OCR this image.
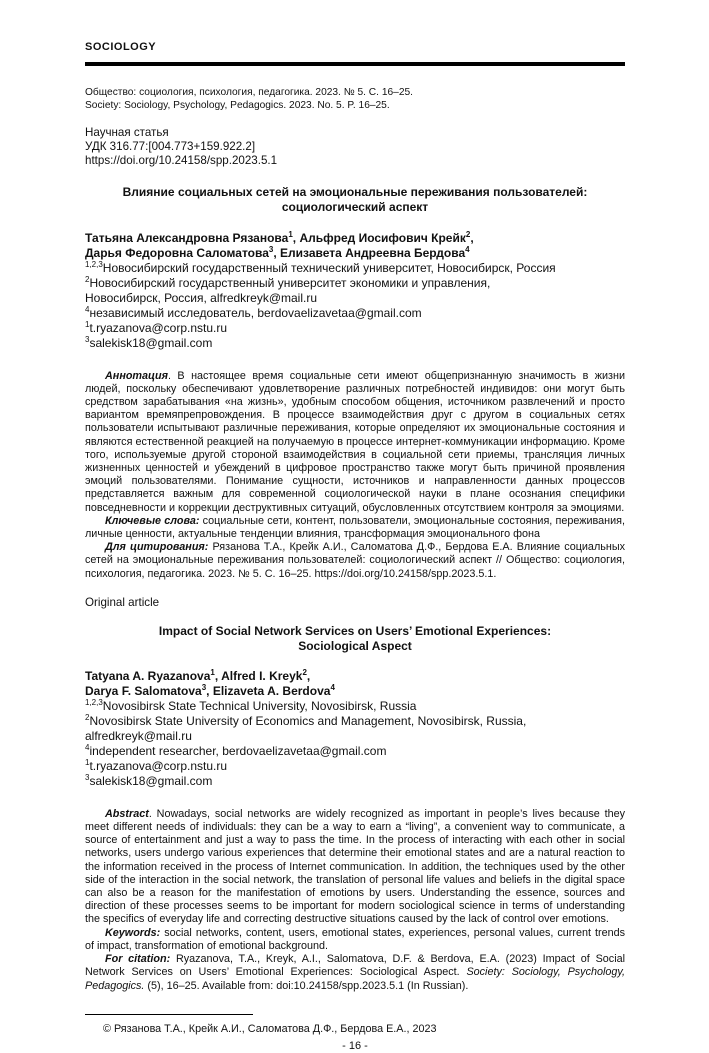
SOCIOLOGY

Общество: социология, психология, педагогика. 2023. № 5. С. 16–25.

Society: Sociology, Psychology, Pedagogics. 2023. No. 5. P. 16–25.

Научная статья

УДК 316.77:[004.773+159.922.2]

https://doi.org/10.24158/spp.2023.5.1

Влияние социальных сетей на эмоциональные переживания пользователей:

социологический аспект

Татьяна Александровна Рязанова$^1$, Альфред Иосифович Крейк$^2$,

Дарья Федоровна Саломатова$^3$, Елизавета Андреевна Бердова$^4$

$^{1,2,3}$Новосибирский государственный технический университет, Новосибирск, Россия

$^2$Новосибирский государственный университет экономики и управления,

Новосибирск, Россия, alfredkreyk@mail.ru

$^4$независимый исследователь, berdovaelizavetaa@gmail.com

$^1$t.ryazanova@corp.nstu.ru

$^3$salekisk18@gmail.com

Аннотация. В настоящее время социальные сети имеют общепризнанную значимость в жизни людей, поскольку обеспечивают удовлетворение различных потребностей индивидов: они могут быть средством зарабатывания «на жизнь», удобным способом общения, источником развлечений и просто вариантом времяпрепровождения. В процессе взаимодействия друг с другом в социальных сетях пользователи испытывают различные переживания, которые определяют их эмоциональные состояния и являются естественной реакцией на получаемую в процессе интернет-коммуникации информацию. Кроме того, используемые другой стороной взаимодействия в социальной сети приемы, трансляция личных жизненных ценностей и убеждений в цифровое пространство также могут быть причиной проявления эмоций пользователями. Понимание сущности, источников и направленности данных процессов представляется важным для современной социологической науки в плане осознания специфики повседневности и коррекции деструктивных ситуаций, обусловленных отсутствием контроля за эмоциями.

Ключевые слова: социальные сети, контент, пользователи, эмоциональные состояния, переживания, личные ценности, актуальные тенденции влияния, трансформация эмоционального фона

Для цитирования: Рязанова Т.А., Крейк А.И., Саломатова Д.Ф., Бердова Е.А. Влияние социальных сетей на эмоциональные переживания пользователей: социологический аспект // Общество: социология, психология, педагогика. 2023. № 5. С. 16–25. https://doi.org/10.24158/spp.2023.5.1.

Original article

Impact of Social Network Services on Users’ Emotional Experiences:

Sociological Aspect

Tatyana A. Ryazanova$^1$, Alfred I. Kreyk$^2$,

Darya F. Salomatova$^3$, Elizaveta A. Berdova$^4$

$^{1,2,3}$Novosibirsk State Technical University, Novosibirsk, Russia

$^2$Novosibirsk State University of Economics and Management, Novosibirsk, Russia, alfredkreyk@mail.ru

$^4$independent researcher, berdovaelizavetaa@gmail.com

$^1$t.ryazanova@corp.nstu.ru

$^3$salekisk18@gmail.com

Abstract. Nowadays, social networks are widely recognized as important in people’s lives because they meet different needs of individuals: they can be a way to earn a “living”, a convenient way to communicate, a source of entertainment and just a way to pass the time. In the process of interacting with each other in social networks, users undergo various experiences that determine their emotional states and are a natural reaction to the information received in the process of Internet communication. In addition, the techniques used by the other side of the interaction in the social network, the translation of personal life values and beliefs in the digital space can also be a reason for the manifestation of emotions by users. Understanding the essence, sources and direction of these processes seems to be important for modern sociological science in terms of understanding the specifics of everyday life and correcting destructive situations caused by the lack of control over emotions.

Keywords: social networks, content, users, emotional states, experiences, personal values, current trends of impact, transformation of emotional background.

For citation: Ryazanova, T.A., Kreyk, A.I., Salomatova, D.F. & Berdova, E.A. (2023) Impact of Social Network Services on Users’ Emotional Experiences: Sociological Aspect. Society: Sociology, Psychology, Pedagogics. (5), 16–25. Available from: doi:10.24158/spp.2023.5.1 (In Russian).

© Рязанова Т.А., Крейк А.И., Саломатова Д.Ф., Бердова Е.А., 2023

- 16 -
